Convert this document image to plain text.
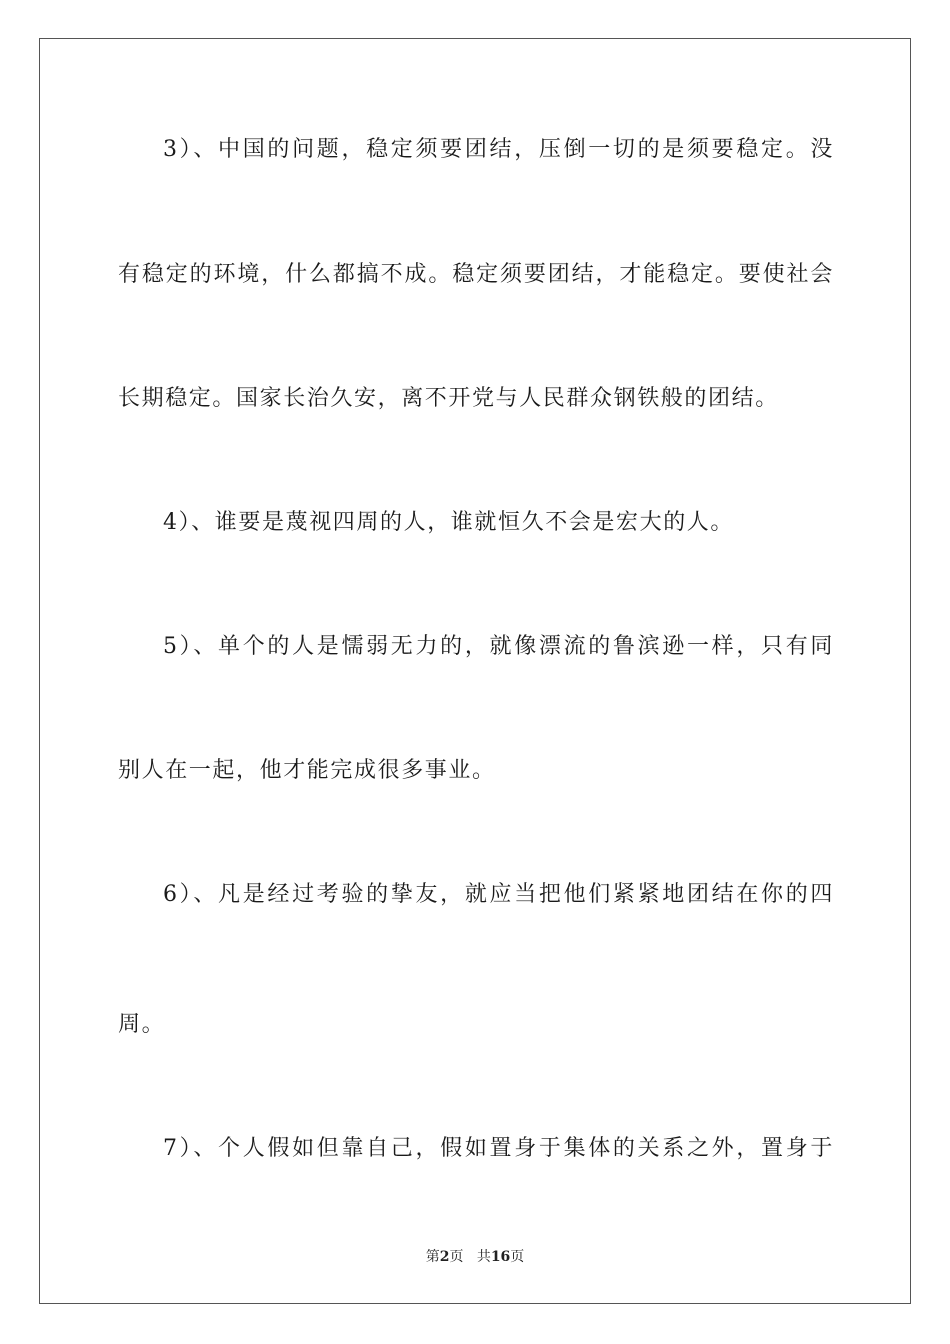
3）、中国的问题，稳定须要团结，压倒一切的是须要稳定。没
有稳定的环境，什么都搞不成。稳定须要团结，才能稳定。要使社会
长期稳定。国家长治久安，离不开党与人民群众钢铁般的团结。
4）、谁要是蔑视四周的人，谁就恒久不会是宏大的人。
5）、单个的人是懦弱无力的，就像漂流的鲁滨逊一样，只有同
别人在一起，他才能完成很多事业。
6）、凡是经过考验的挚友，就应当把他们紧紧地团结在你的四
周。
7）、个人假如但靠自己，假如置身于集体的关系之外，置身于
第2页 共16页
